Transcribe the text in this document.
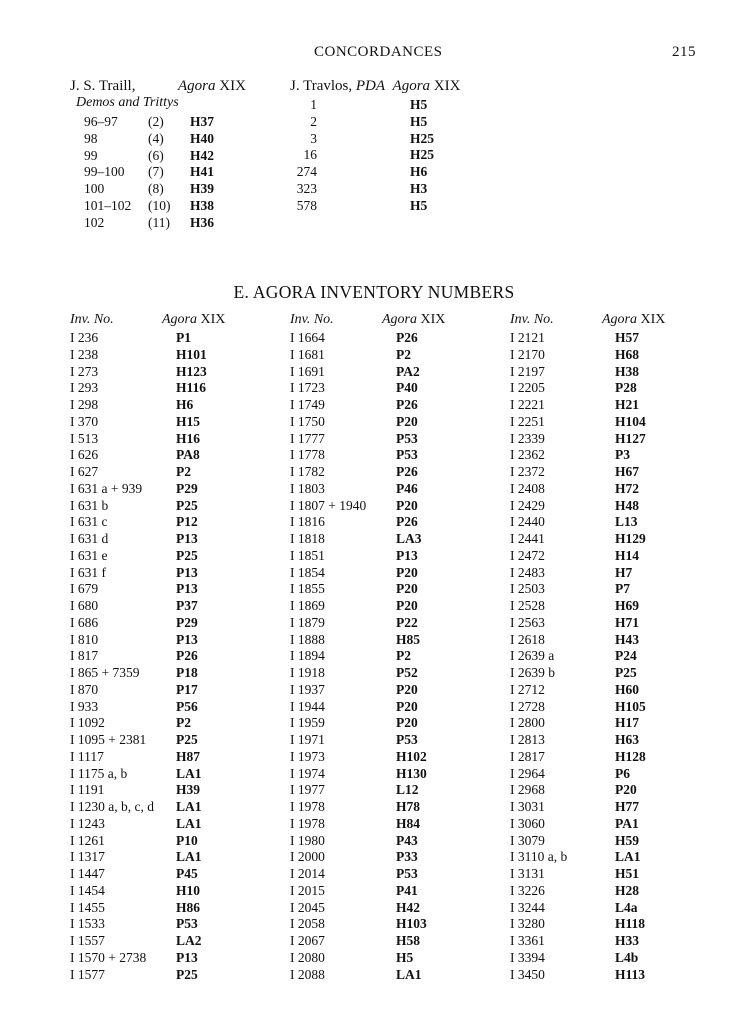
CONCORDANCES	215
J. S. Traill,	Agora XIX
Demos and Trittys
96–97 (2) H37
98	(4) H40
99	(6) H42
99–100 (7) H41
100	(8) H39
101–102 (10) H38
102	(11) H36
J. Travlos, PDA Agora XIX
1	H5
2	H5
3	H25
16	H25
274	H6
323	H3
578	H5
E. AGORA INVENTORY NUMBERS
Inv. No.	Agora XIX	Inv. No.	Agora XIX	Inv. No.	Agora XIX
I 236	P1
I 238	H101
I 273	H123
I 293	H116
I 298	H6
I 370	H15
I 513	H16
I 626	PA8
I 627	P2
I 631 a + 939	P29
I 631 b	P25
I 631 c	P12
I 631 d	P13
I 631 e	P25
I 631 f	P13
I 679	P13
I 680	P37
I 686	P29
I 810	P13
I 817	P26
I 865 + 7359	P18
I 870	P17
I 933	P56
I 1092	P2
I 1095 + 2381 P25
I 1117	H87
I 1175 a, b	LA1
I 1191	H39
I 1230 a, b, c, d LA1
I 1243	LA1
I 1261	P10
I 1317	LA1
I 1447	P45
I 1454	H10
I 1455	H86
I 1533	P53
I 1557	LA2
I 1570 + 2738 P13
I 1577	P25
I 1664	P26
I 1681	P2
I 1691	PA2
I 1723	P40
I 1749	P26
I 1750	P20
I 1777	P53
I 1778	P53
I 1782	P26
I 1803	P46
I 1807 + 1940 P20
I 1816	P26
I 1818	LA3
I 1851	P13
I 1854	P20
I 1855	P20
I 1869	P20
I 1879	P22
I 1888	H85
I 1894	P2
I 1918	P52
I 1937	P20
I 1944	P20
I 1959	P20
I 1971	P53
I 1973	H102
I 1974	H130
I 1977	L12
I 1978	H78
I 1978	H84
I 1980	P43
I 2000	P33
I 2014	P53
I 2015	P41
I 2045	H42
I 2058	H103
I 2067	H58
I 2080	H5
I 2088	LA1
I 2121	H57
I 2170	H68
I 2197	H38
I 2205	P28
I 2221	H21
I 2251	H104
I 2339	H127
I 2362	P3
I 2372	H67
I 2408	H72
I 2429	H48
I 2440	L13
I 2441	H129
I 2472	H14
I 2483	H7
I 2503	P7
I 2528	H69
I 2563	H71
I 2618	H43
I 2639 a	P24
I 2639 b	P25
I 2712	H60
I 2728	H105
I 2800	H17
I 2813	H63
I 2817	H128
I 2964	P6
I 2968	P20
I 3031	H77
I 3060	PA1
I 3079	H59
I 3110 a, b	LA1
I 3131	H51
I 3226	H28
I 3244	L4a
I 3280	H118
I 3361	H33
I 3394	L4b
I 3450	H113
